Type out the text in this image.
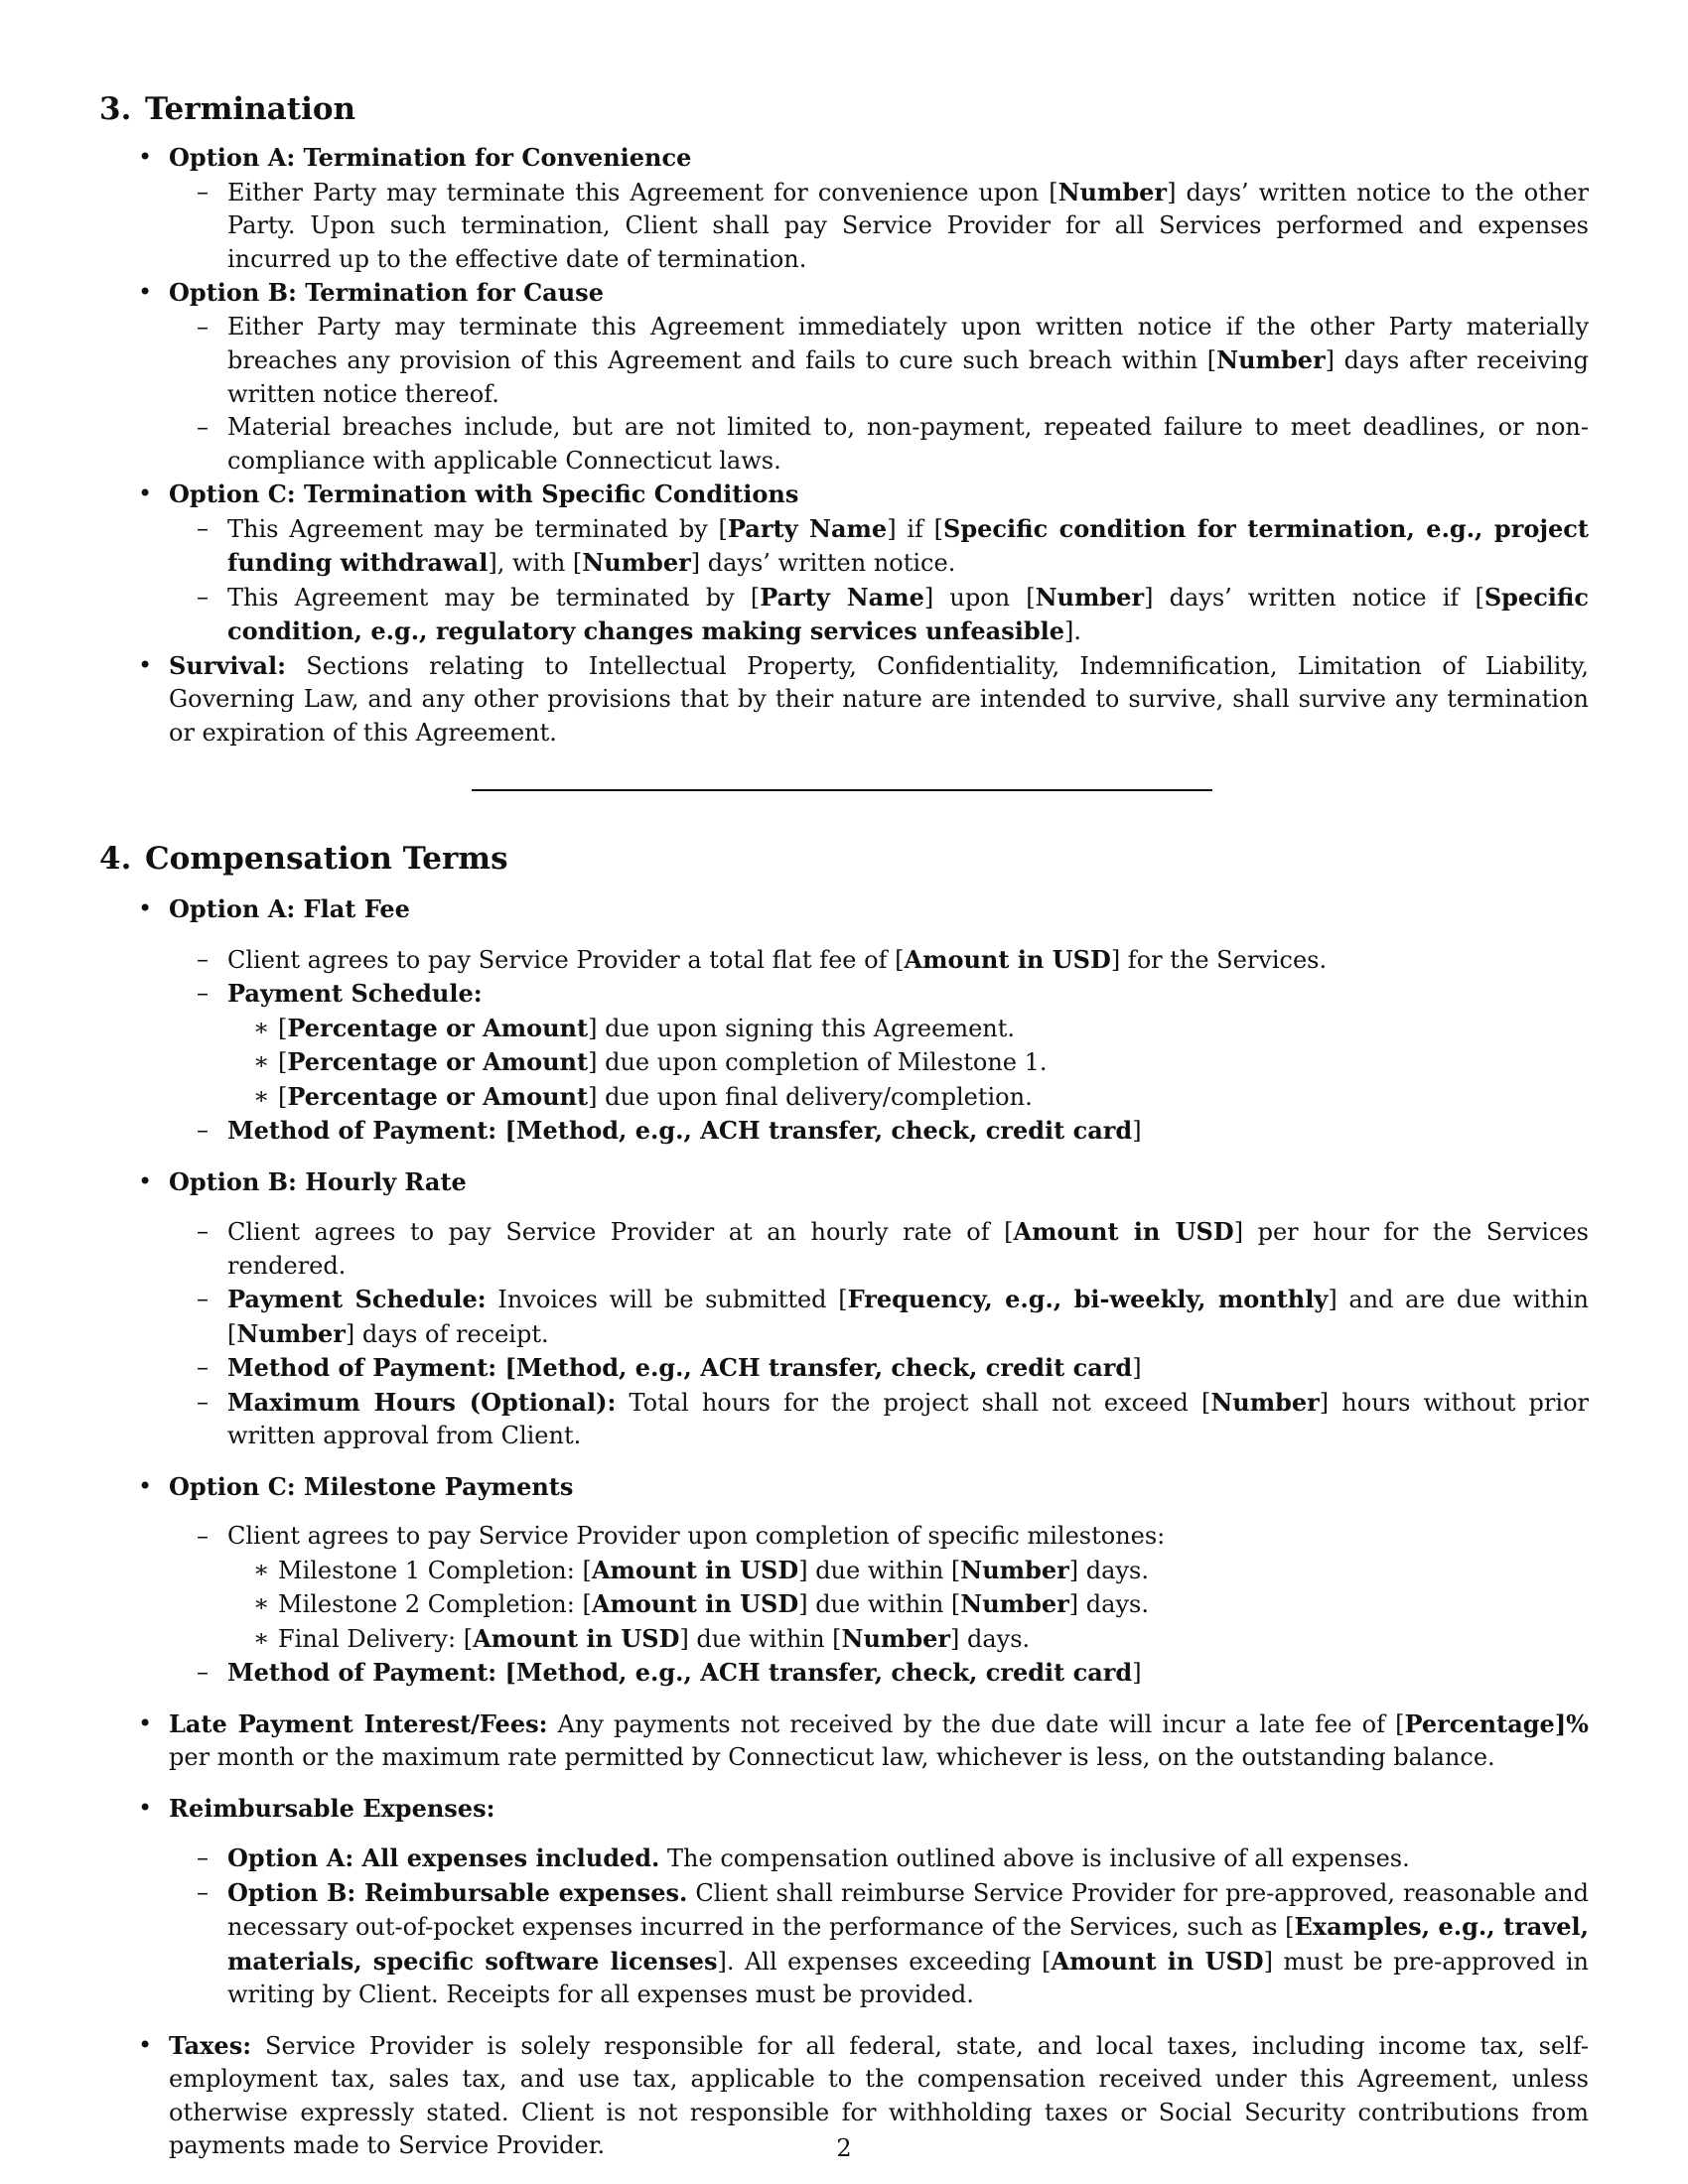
3. Termination
• Option A: Termination for Convenience
– Either Party may terminate this Agreement for convenience upon [Number] days’ written notice to the other Party. Upon such termination, Client shall pay Service Provider for all Services performed and expenses incurred up to the effective date of termination.
• Option B: Termination for Cause
– Either Party may terminate this Agreement immediately upon written notice if the other Party materially breaches any provision of this Agreement and fails to cure such breach within [Number] days after receiving written notice thereof.
– Material breaches include, but are not limited to, non-payment, repeated failure to meet deadlines, or non-compliance with applicable Connecticut laws.
• Option C: Termination with Specific Conditions
– This Agreement may be terminated by [Party Name] if [Specific condition for termination, e.g., project funding withdrawal], with [Number] days’ written notice.
– This Agreement may be terminated by [Party Name] upon [Number] days’ written notice if [Specific condition, e.g., regulatory changes making services unfeasible].
• Survival: Sections relating to Intellectual Property, Confidentiality, Indemnification, Limitation of Liability, Governing Law, and any other provisions that by their nature are intended to survive, shall survive any termination or expiration of this Agreement.
4. Compensation Terms
• Option A: Flat Fee
– Client agrees to pay Service Provider a total flat fee of [Amount in USD] for the Services.
– Payment Schedule:
∗ [Percentage or Amount] due upon signing this Agreement.
∗ [Percentage or Amount] due upon completion of Milestone 1.
∗ [Percentage or Amount] due upon final delivery/completion.
– Method of Payment: [Method, e.g., ACH transfer, check, credit card]
• Option B: Hourly Rate
– Client agrees to pay Service Provider at an hourly rate of [Amount in USD] per hour for the Services rendered.
– Payment Schedule: Invoices will be submitted [Frequency, e.g., bi-weekly, monthly] and are due within [Number] days of receipt.
– Method of Payment: [Method, e.g., ACH transfer, check, credit card]
– Maximum Hours (Optional): Total hours for the project shall not exceed [Number] hours without prior written approval from Client.
• Option C: Milestone Payments
– Client agrees to pay Service Provider upon completion of specific milestones:
∗ Milestone 1 Completion: [Amount in USD] due within [Number] days.
∗ Milestone 2 Completion: [Amount in USD] due within [Number] days.
∗ Final Delivery: [Amount in USD] due within [Number] days.
– Method of Payment: [Method, e.g., ACH transfer, check, credit card]
• Late Payment Interest/Fees: Any payments not received by the due date will incur a late fee of [Percentage]% per month or the maximum rate permitted by Connecticut law, whichever is less, on the outstanding balance.
• Reimbursable Expenses:
– Option A: All expenses included. The compensation outlined above is inclusive of all expenses.
– Option B: Reimbursable expenses. Client shall reimburse Service Provider for pre-approved, reasonable and necessary out-of-pocket expenses incurred in the performance of the Services, such as [Examples, e.g., travel, materials, specific software licenses]. All expenses exceeding [Amount in USD] must be pre-approved in writing by Client. Receipts for all expenses must be provided.
• Taxes: Service Provider is solely responsible for all federal, state, and local taxes, including income tax, self-employment tax, sales tax, and use tax, applicable to the compensation received under this Agreement, unless otherwise expressly stated. Client is not responsible for withholding taxes or Social Security contributions from payments made to Service Provider.	2
